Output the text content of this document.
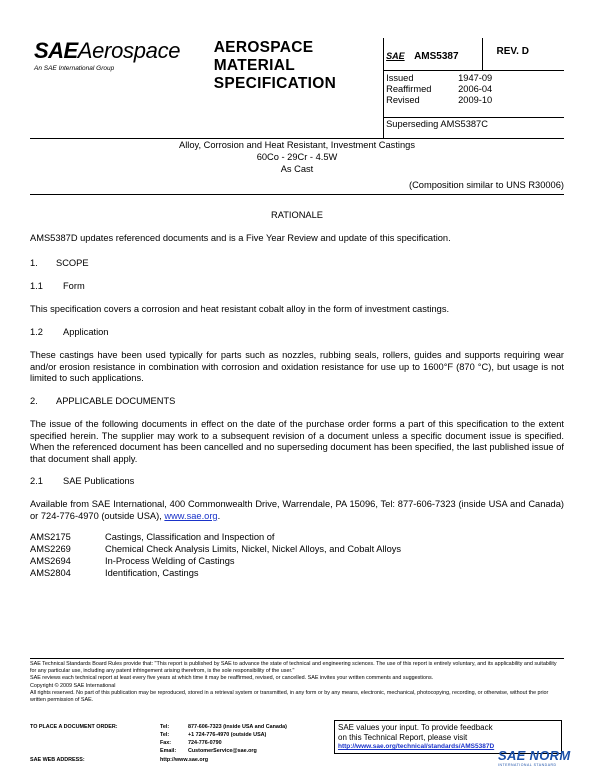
SAEAerospace
An SAE International Group

AEROSPACE
MATERIAL
SPECIFICATION

SAE AMS5387	REV. D

Issued	1947-09
Reaffirmed	2006-04
Revised	2009-10
Superseding AMS5387C
Alloy, Corrosion and Heat Resistant, Investment Castings
60Co - 29Cr - 4.5W
As Cast
(Composition similar to UNS R30006)
RATIONALE
AMS5387D updates referenced documents and is a Five Year Review and update of this specification.
1. SCOPE
1.1 Form
This specification covers a corrosion and heat resistant cobalt alloy in the form of investment castings.
1.2 Application
These castings have been used typically for parts such as nozzles, rubbing seals, rollers, guides and supports requiring wear and/or erosion resistance in combination with corrosion and oxidation resistance for use up to 1600°F (870 °C), but usage is not limited to such applications.
2. APPLICABLE DOCUMENTS
The issue of the following documents in effect on the date of the purchase order forms a part of this specification to the extent specified herein. The supplier may work to a subsequent revision of a document unless a specific document issue is specified. When the referenced document has been cancelled and no superseding document has been specified, the last published issue of that document shall apply.
2.1 SAE Publications
Available from SAE International, 400 Commonwealth Drive, Warrendale, PA 15096, Tel: 877-606-7323 (inside USA and Canada) or 724-776-4970 (outside USA), www.sae.org.
AMS2175	Castings, Classification and Inspection of
AMS2269	Chemical Check Analysis Limits, Nickel, Nickel Alloys, and Cobalt Alloys
AMS2694	In-Process Welding of Castings
AMS2804	Identification, Castings
SAE Technical Standards Board Rules provide that: "This report is published by SAE to advance the state of technical and engineering sciences. The use of this report is entirely voluntary, and its applicability and suitability for any particular use, including any patent infringement arising therefrom, is the sole responsibility of the user."
SAE reviews each technical report at least every five years at which time it may be reaffirmed, revised, or cancelled. SAE invites your written comments and suggestions.
Copyright © 2009 SAE International
All rights reserved. No part of this publication may be reproduced, stored in a retrieval system or transmitted, in any form or by any means, electronic, mechanical, photocopying, recording, or otherwise, without the prior written permission of SAE.
TO PLACE A DOCUMENT ORDER:	Tel:	877-606-7323 (inside USA and Canada)
Tel:	+1 724-776-4970 (outside USA)
Fax:	724-776-0790
Email: CustomerService@sae.org
SAE WEB ADDRESS:	http://www.sae.org
SAE values your input. To provide feedback
on this Technical Report, please visit
http://www.sae.org/technical/standards/AMS5387D
SAE NORM
INTERNATIONAL STANDARD
